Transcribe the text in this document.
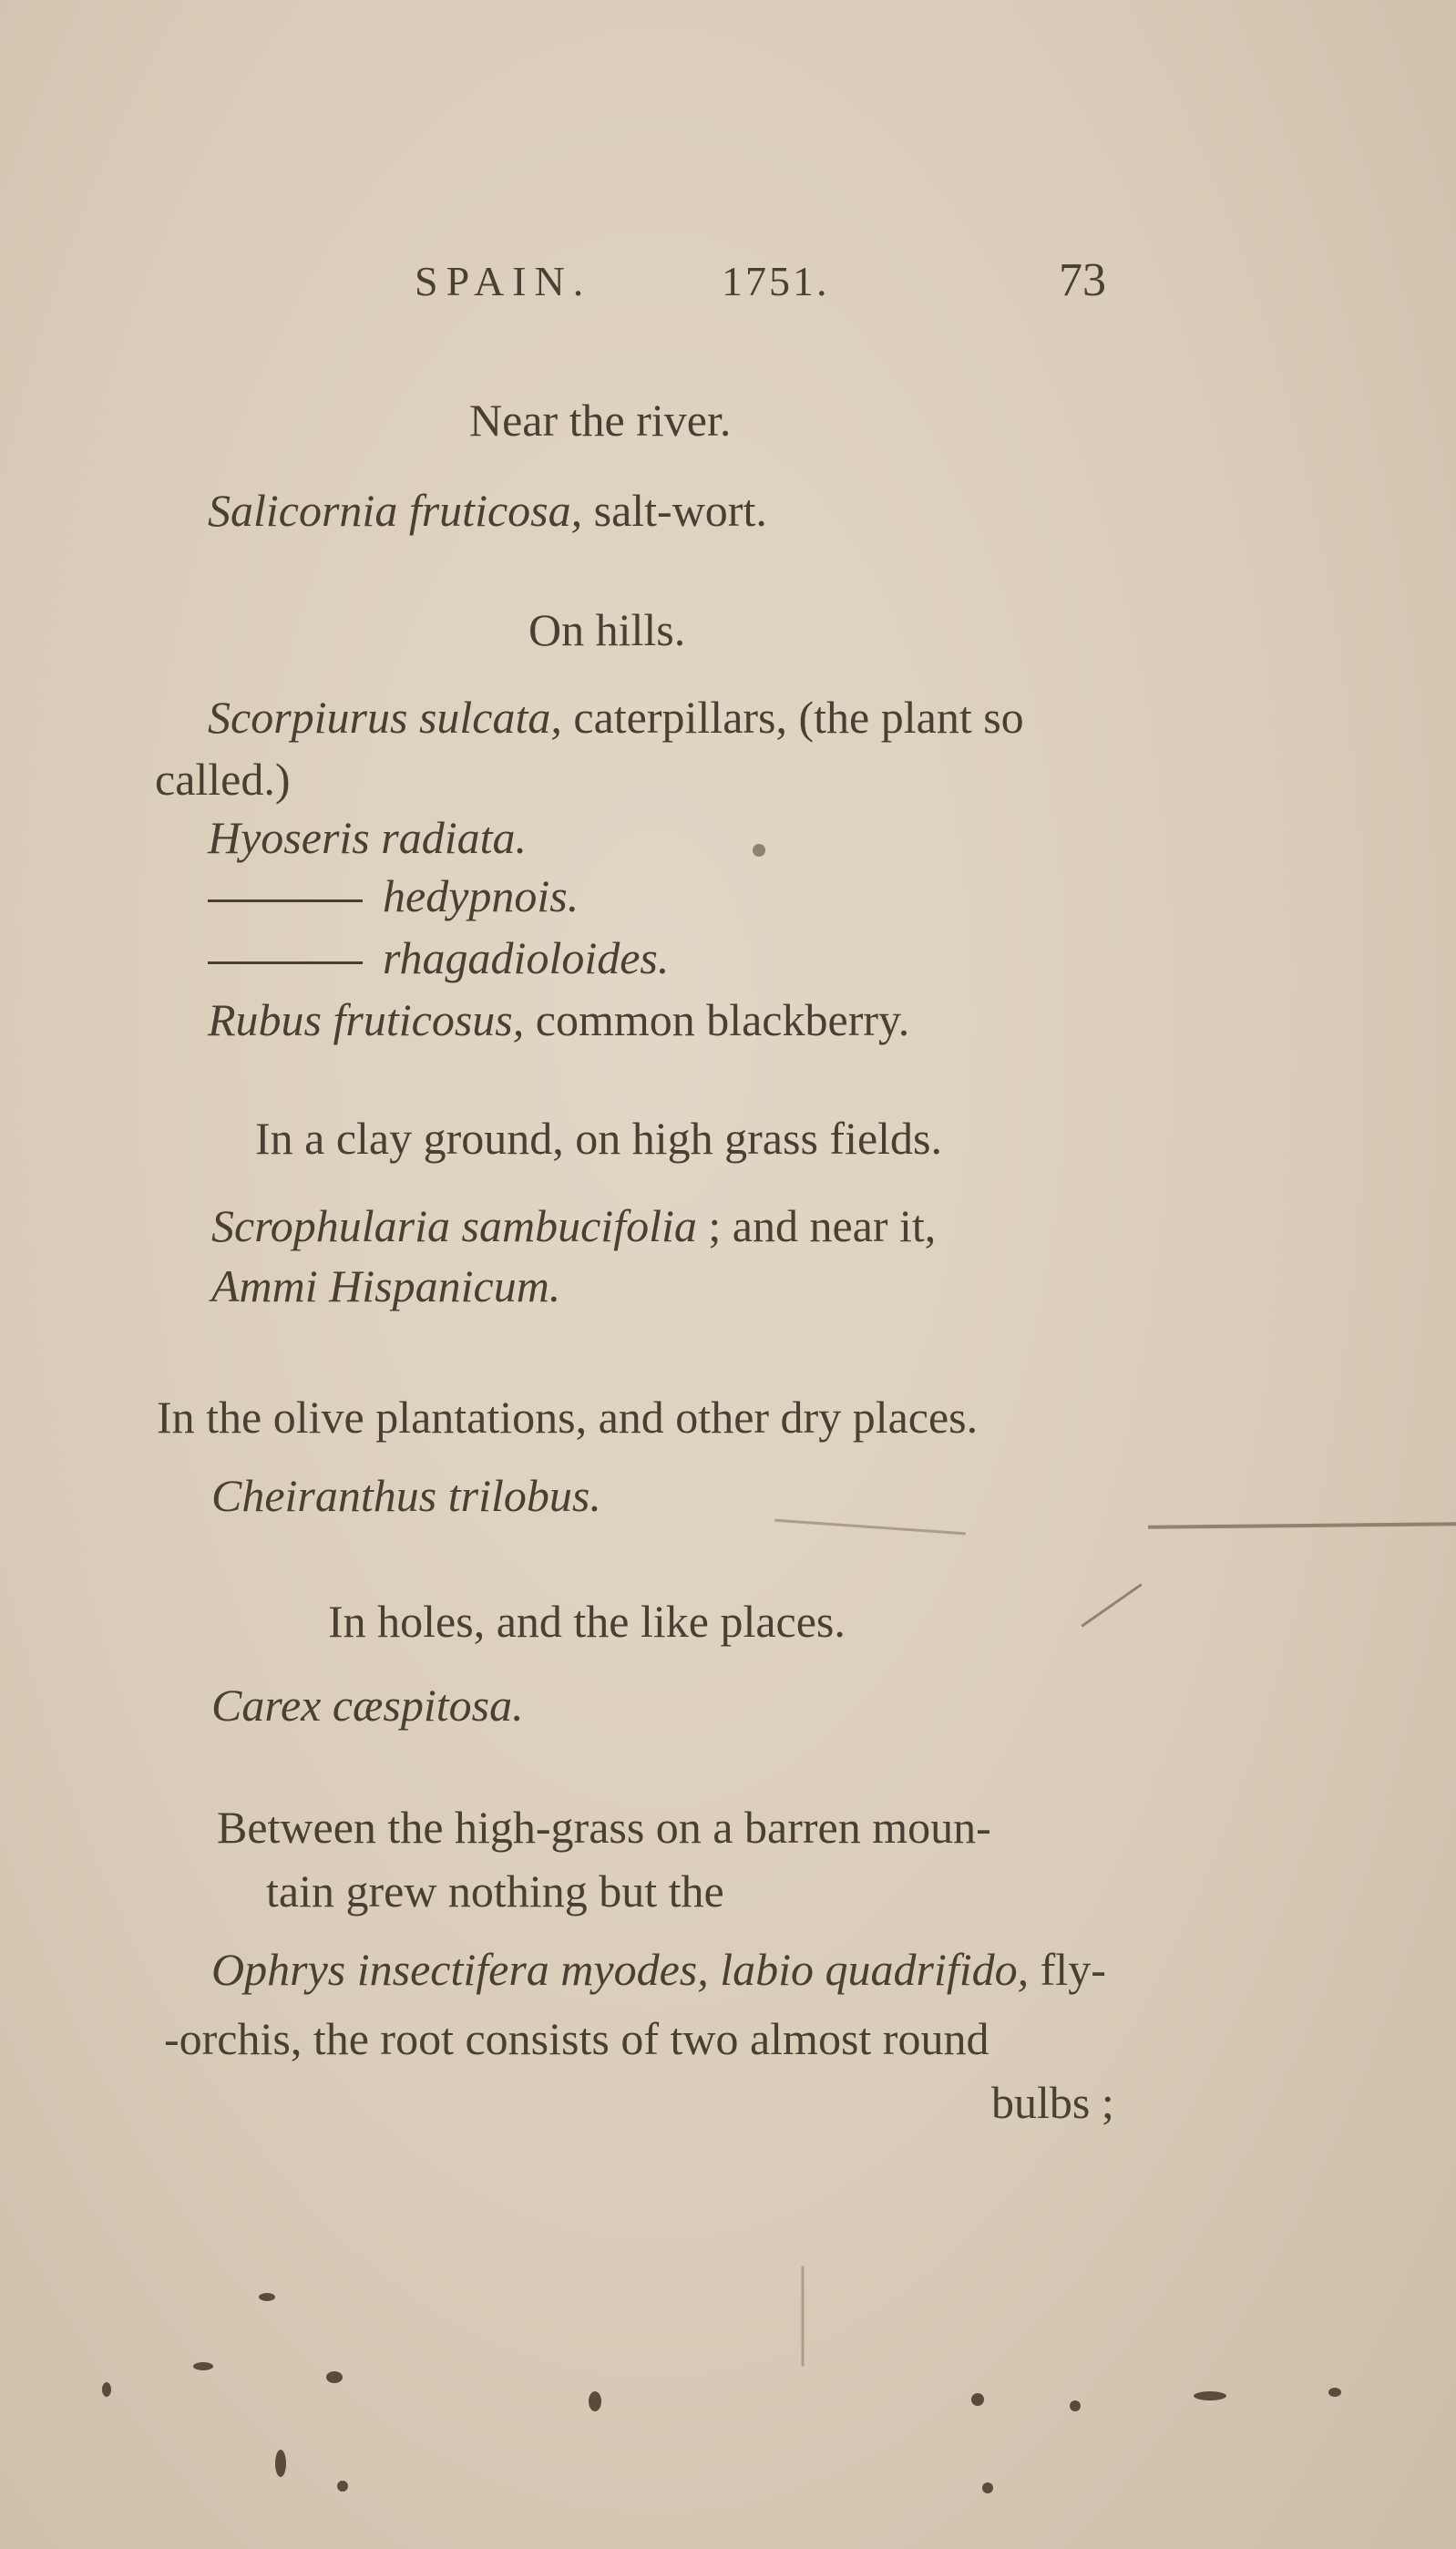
SPAIN.	1751.	73
Near the river.
Salicornia fruticosa, salt-wort.
On hills.
Scorpiurus sulcata, caterpillars, (the plant so
called.)
Hyoseris radiata.
hedypnois.
rhagadioloides.
Rubus fruticosus, common blackberry.
In a clay ground, on high grass fields.
Scrophularia sambucifolia ; and near it,
Ammi Hispanicum.
In the olive plantations, and other dry places.
Cheiranthus trilobus.
In holes, and the like places.
Carex cæspitosa.
Between the high-grass on a barren moun-
tain grew nothing but the
Ophrys insectifera myodes, labio quadrifido, fly-
-orchis, the root consists of two almost round
bulbs ;
